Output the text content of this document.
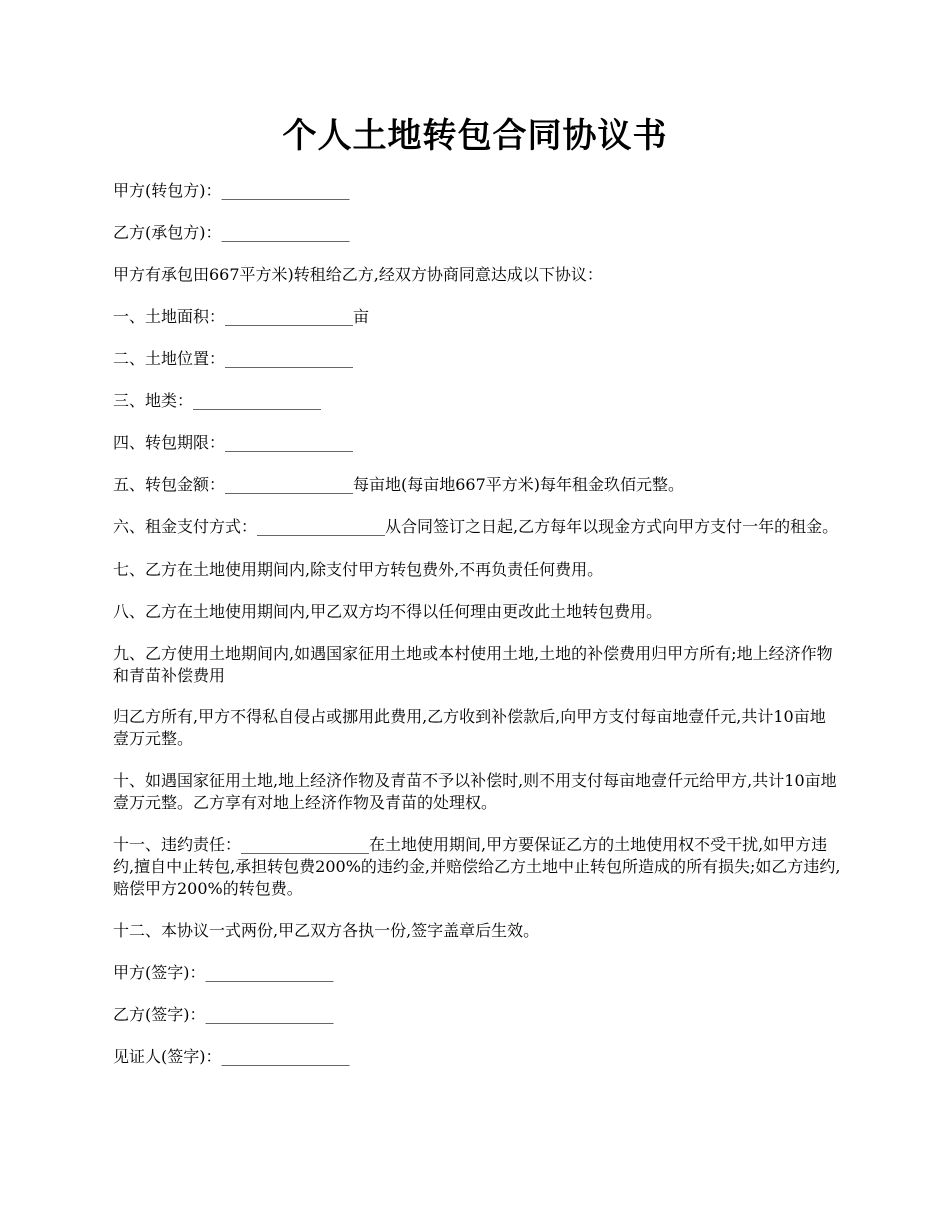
个人土地转包合同协议书

甲方(转包方)：________________

乙方(承包方)：________________

甲方有承包田667平方米)转租给乙方,经双方协商同意达成以下协议：

一、土地面积：________________亩

二、土地位置：________________

三、地类：________________

四、转包期限：________________

五、转包金额：________________每亩地(每亩地667平方米)每年租金玖佰元整。

六、租金支付方式：________________从合同签订之日起,乙方每年以现金方式向甲方支付一年的租金。

七、乙方在土地使用期间内,除支付甲方转包费外,不再负责任何费用。

八、乙方在土地使用期间内,甲乙双方均不得以任何理由更改此土地转包费用。

九、乙方使用土地期间内,如遇国家征用土地或本村使用土地,土地的补偿费用归甲方所有;地上经济作物和青苗补偿费用

归乙方所有,甲方不得私自侵占或挪用此费用,乙方收到补偿款后,向甲方支付每亩地壹仟元,共计10亩地壹万元整。

十、如遇国家征用土地,地上经济作物及青苗不予以补偿时,则不用支付每亩地壹仟元给甲方,共计10亩地壹万元整。乙方享有对地上经济作物及青苗的处理权。

十一、违约责任：________________在土地使用期间,甲方要保证乙方的土地使用权不受干扰,如甲方违约,擅自中止转包,承担转包费200%的违约金,并赔偿给乙方土地中止转包所造成的所有损失;如乙方违约,赔偿甲方200%的转包费。

十二、本协议一式两份,甲乙双方各执一份,签字盖章后生效。

甲方(签字)：________________

乙方(签字)：________________

见证人(签字)：________________
